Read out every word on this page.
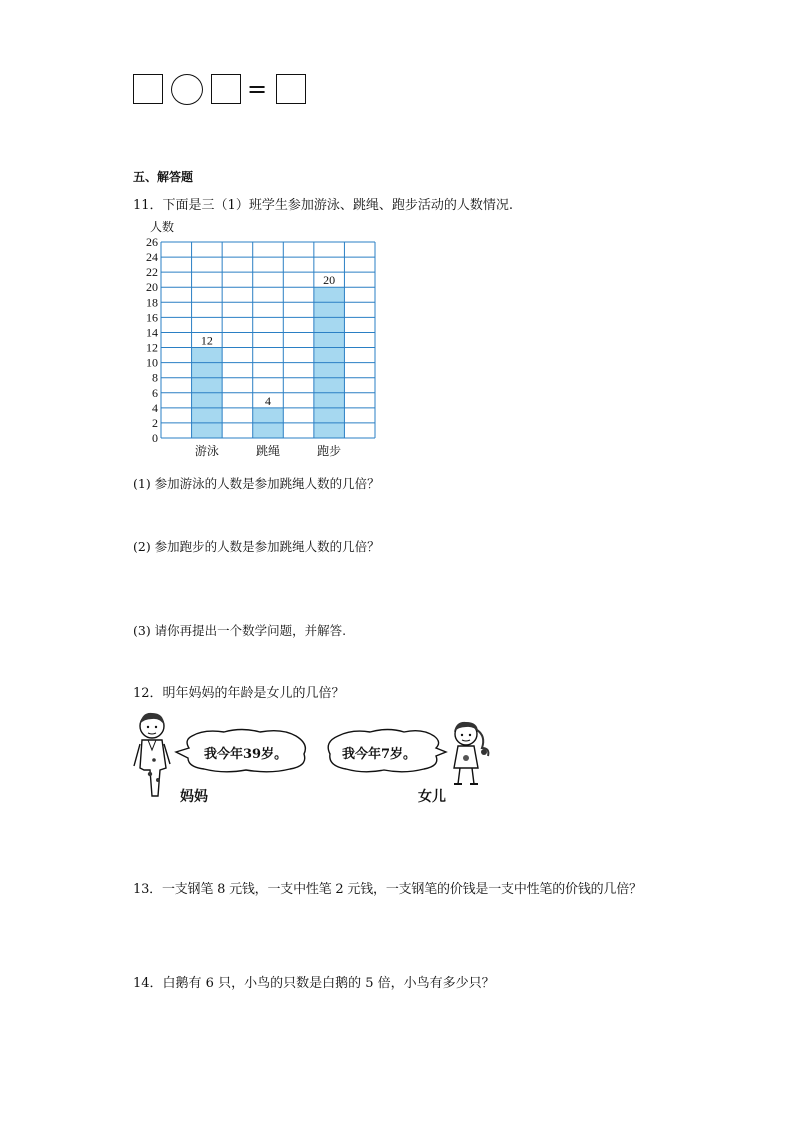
=
五、解答题
11．下面是三（1）班学生参加游泳、跳绳、跑步活动的人数情况.
0
2
4
6
8
10
12
14
16
18
20
22
24
26
游泳	跳绳	跑步
12
4
20
人数
(1) 参加游泳的人数是参加跳绳人数的几倍？
(2) 参加跑步的人数是参加跳绳人数的几倍？
(3) 请你再提出一个数学问题，并解答.
12．明年妈妈的年龄是女儿的几倍？
我今年39岁。	我今年7岁。
妈妈	女儿
13．一支钢笔 8 元钱，一支中性笔 2 元钱，一支钢笔的价钱是一支中性笔的价钱的几倍？
14．白鹅有 6 只，小鸟的只数是白鹅的 5 倍，小鸟有多少只？
